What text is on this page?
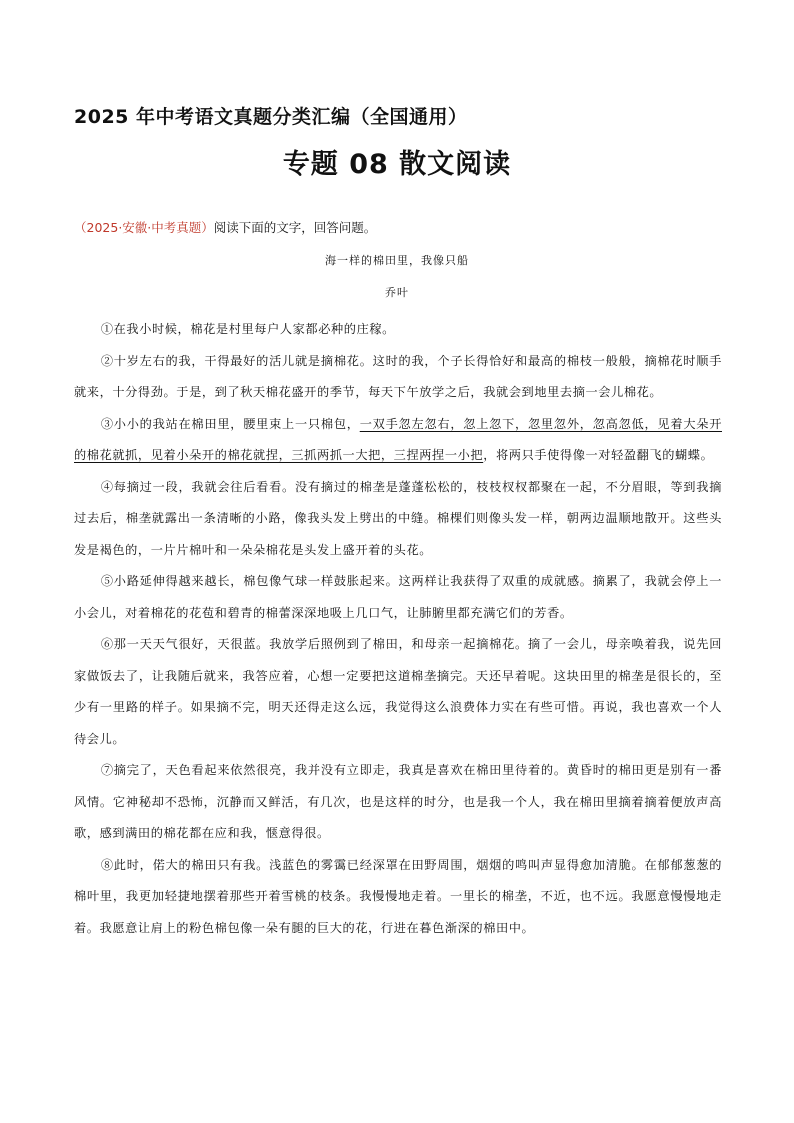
2025 年中考语文真题分类汇编（全国通用）
专题 08 散文阅读
（2025·安徽·中考真题）阅读下面的文字，回答问题。
海一样的棉田里，我像只船
乔叶

①在我小时候，棉花是村里每户人家都必种的庄稼。

②十岁左右的我，干得最好的活儿就是摘棉花。这时的我，个子长得恰好和最高的棉枝一般般，摘棉花时顺手就来，十分得劲。于是，到了秋天棉花盛开的季节，每天下午放学之后，我就会到地里去摘一会儿棉花。

③小小的我站在棉田里，腰里束上一只棉包，一双手忽左忽右，忽上忽下，忽里忽外，忽高忽低，见着大朵开的棉花就抓，见着小朵开的棉花就捏，三抓两抓一大把，三捏两捏一小把，将两只手使得像一对轻盈翻飞的蝴蝶。

④每摘过一段，我就会往后看看。没有摘过的棉垄是蓬蓬松松的，枝枝杈杈都聚在一起，不分眉眼，等到我摘过去后，棉垄就露出一条清晰的小路，像我头发上劈出的中缝。棉棵们则像头发一样，朝两边温顺地散开。这些头发是褐色的，一片片棉叶和一朵朵棉花是头发上盛开着的头花。

⑤小路延伸得越来越长，棉包像气球一样鼓胀起来。这两样让我获得了双重的成就感。摘累了，我就会停上一小会儿，对着棉花的花苞和碧青的棉蕾深深地吸上几口气，让肺腑里都充满它们的芳香。

⑥那一天天气很好，天很蓝。我放学后照例到了棉田，和母亲一起摘棉花。摘了一会儿，母亲唤着我，说先回家做饭去了，让我随后就来，我答应着，心想一定要把这道棉垄摘完。天还早着呢。这块田里的棉垄是很长的，至少有一里路的样子。如果摘不完，明天还得走这么远，我觉得这么浪费体力实在有些可惜。再说，我也喜欢一个人待会儿。

⑦摘完了，天色看起来依然很亮，我并没有立即走，我真是喜欢在棉田里待着的。黄昏时的棉田更是别有一番风情。它神秘却不恐怖，沉静而又鲜活，有几次，也是这样的时分，也是我一个人，我在棉田里摘着摘着便放声高歌，感到满田的棉花都在应和我，惬意得很。

⑧此时，偌大的棉田只有我。浅蓝色的雾霭已经深罩在田野周围，烟烟的鸣叫声显得愈加清脆。在郁郁葱葱的棉叶里，我更加轻捷地摆着那些开着雪桃的枝条。我慢慢地走着。一里长的棉垄，不近，也不远。我愿意慢慢地走着。我愿意让肩上的粉色棉包像一朵有腿的巨大的花，行进在暮色渐深的棉田中。
